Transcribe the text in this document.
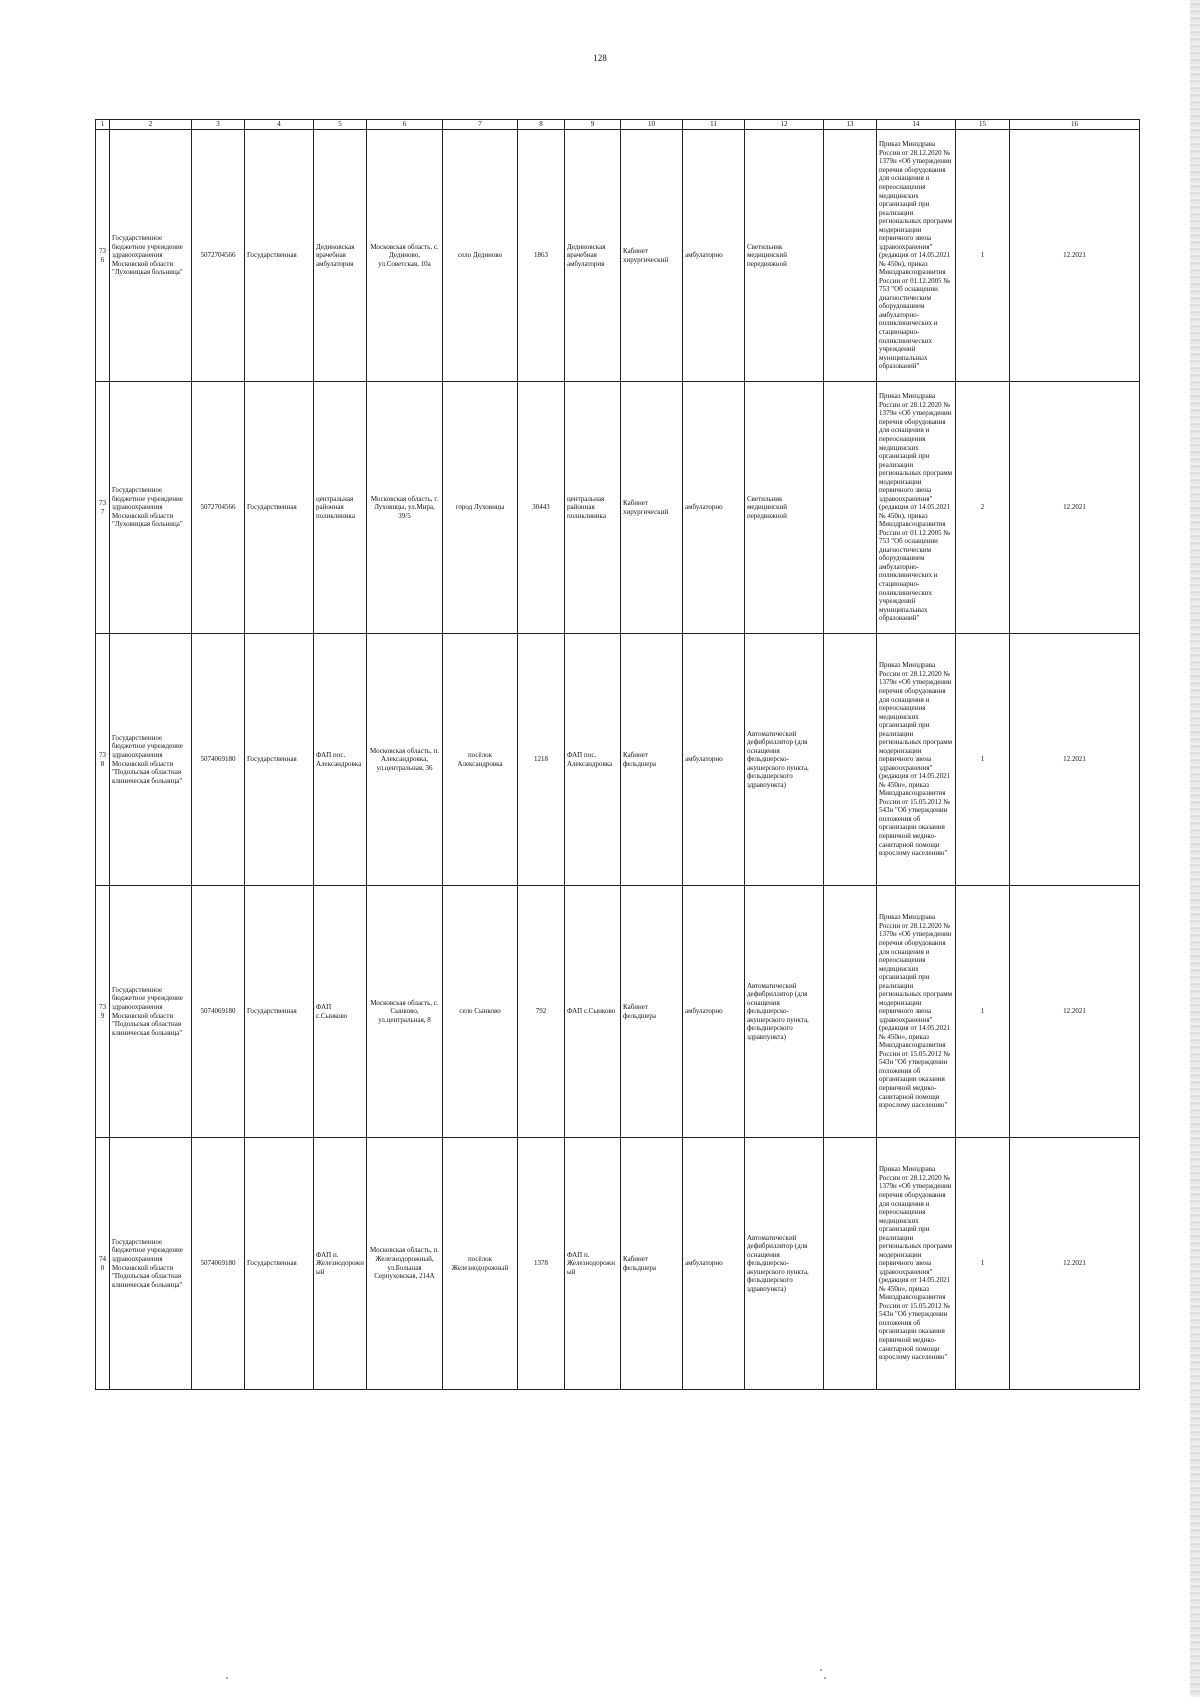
128
1	2	3	4	5	6	7	8	9	10	11	12	13	14	15	16
736	Государственное бюджетное учреждение здравоохранения Московской области "Луховицкая больница"	5072704566	Государственная	Дединовская врачебная амбулатория	Московская область, с. Дединово, ул.Советская, 10а	село Дединово	1863	Дединовская врачебная амбулатория	Кабинет хирургический	амбулаторно	Светильник медицинский передвижной		Приказ Минздрава России от 28.12.2020 № 1379н «Об утверждении перечня оборудования для оснащения и переоснащения медицинских организаций при реализации региональных программ модернизации первичного звена здравоохранения"(редакция от 14.05.2021 № 450н), приказ Минздравсоцразвития России от 01.12.2005 № 753 "Об оснащении диагностическим оборудованием амбулаторно-поликлинических и стационарно-поликлинических учреждений муниципальных образований"	1	12.2021
737	Государственное бюджетное учреждение здравоохранения Московской области "Луховицкая больница"	5072704566	Государственная	центральная районная поликлиника	Московская область, г. Луховицы, ул.Мира, 39/5	город Луховицы	30443	центральная районная поликлиника	Кабинет хирургический	амбулаторно	Светильник медицинский передвижной		Приказ Минздрава России от 28.12.2020 № 1379н «Об утверждении перечня оборудования для оснащения и переоснащения медицинских организаций при реализации региональных программ модернизации первичного звена здравоохранения"(редакция от 14.05.2021 № 450н), приказ Минздравсоцразвития России от 01.12.2005 № 753 "Об оснащении диагностическим оборудованием амбулаторно-поликлинических и стационарно-поликлинических учреждений муниципальных образований"	2	12.2021
738	Государственное бюджетное учреждение здравоохранения Московской области "Подольская областная клиническая больница"	5074069180	Государственная	ФАП пос. Александровка	Московская область, п. Александровка, ул.центральная, 36	посёлок Александровка	1218	ФАП пос. Александровка	Кабинет фельдшера	амбулаторно	Автоматический дефибриллятор (для оснащения фельдшерско-акушерского пункта, фельдшерского здравпункта)		Приказ Минздрава России от 28.12.2020 № 1379н «Об утверждении перечня оборудования для оснащения и переоснащения медицинских организаций при реализации региональных программ модернизации первичного звена здравоохранения"(редакция от 14.05.2021 № 450н», приказ Минздравсоцразвития России от 15.05.2012 № 543н "Об утверждении положения об организации оказания первичной медико-санитарной помощи взрослому населению"	1	12.2021
739	Государственное бюджетное учреждение здравоохранения Московской области "Подольская областная клиническая больница"	5074069180	Государственная	ФАП с.Сынково	Московская область, с. Сынково, ул.центральная, 8	село Сынково	792	ФАП с.Сынково	Кабинет фельдшера	амбулаторно	Автоматический дефибриллятор (для оснащения фельдшерско-акушерского пункта, фельдшерского здравпункта)		Приказ Минздрава России от 28.12.2020 № 1379н «Об утверждении перечня оборудования для оснащения и переоснащения медицинских организаций при реализации региональных программ модернизации первичного звена здравоохранения"(редакция от 14.05.2021 № 450н», приказ Минздравсоцразвития России от 15.05.2012 № 543н "Об утверждении положения об организации оказания первичной медико-санитарной помощи взрослому населению"	1	12.2021
740	Государственное бюджетное учреждение здравоохранения Московской области "Подольская областная клиническая больница"	5074069180	Государственная	ФАП п. Железнодорожный	Московская область, п. Железнодорожный, ул.Большая Серпуховская, 214А	посёлок Железнодорожный	1378	ФАП п. Железнодорожный	Кабинет фельдшера	амбулаторно	Автоматический дефибриллятор (для оснащения фельдшерско-акушерского пункта, фельдшерского здравпункта)		Приказ Минздрава России от 28.12.2020 № 1379н «Об утверждении перечня оборудования для оснащения и переоснащения медицинских организаций при реализации региональных программ модернизации первичного звена здравоохранения"(редакция от 14.05.2021 № 450н», приказ Минздравсоцразвития России от 15.05.2012 № 543н "Об утверждении положения об организации оказания первичной медико-санитарной помощи взрослому населению"	1	12.2021
